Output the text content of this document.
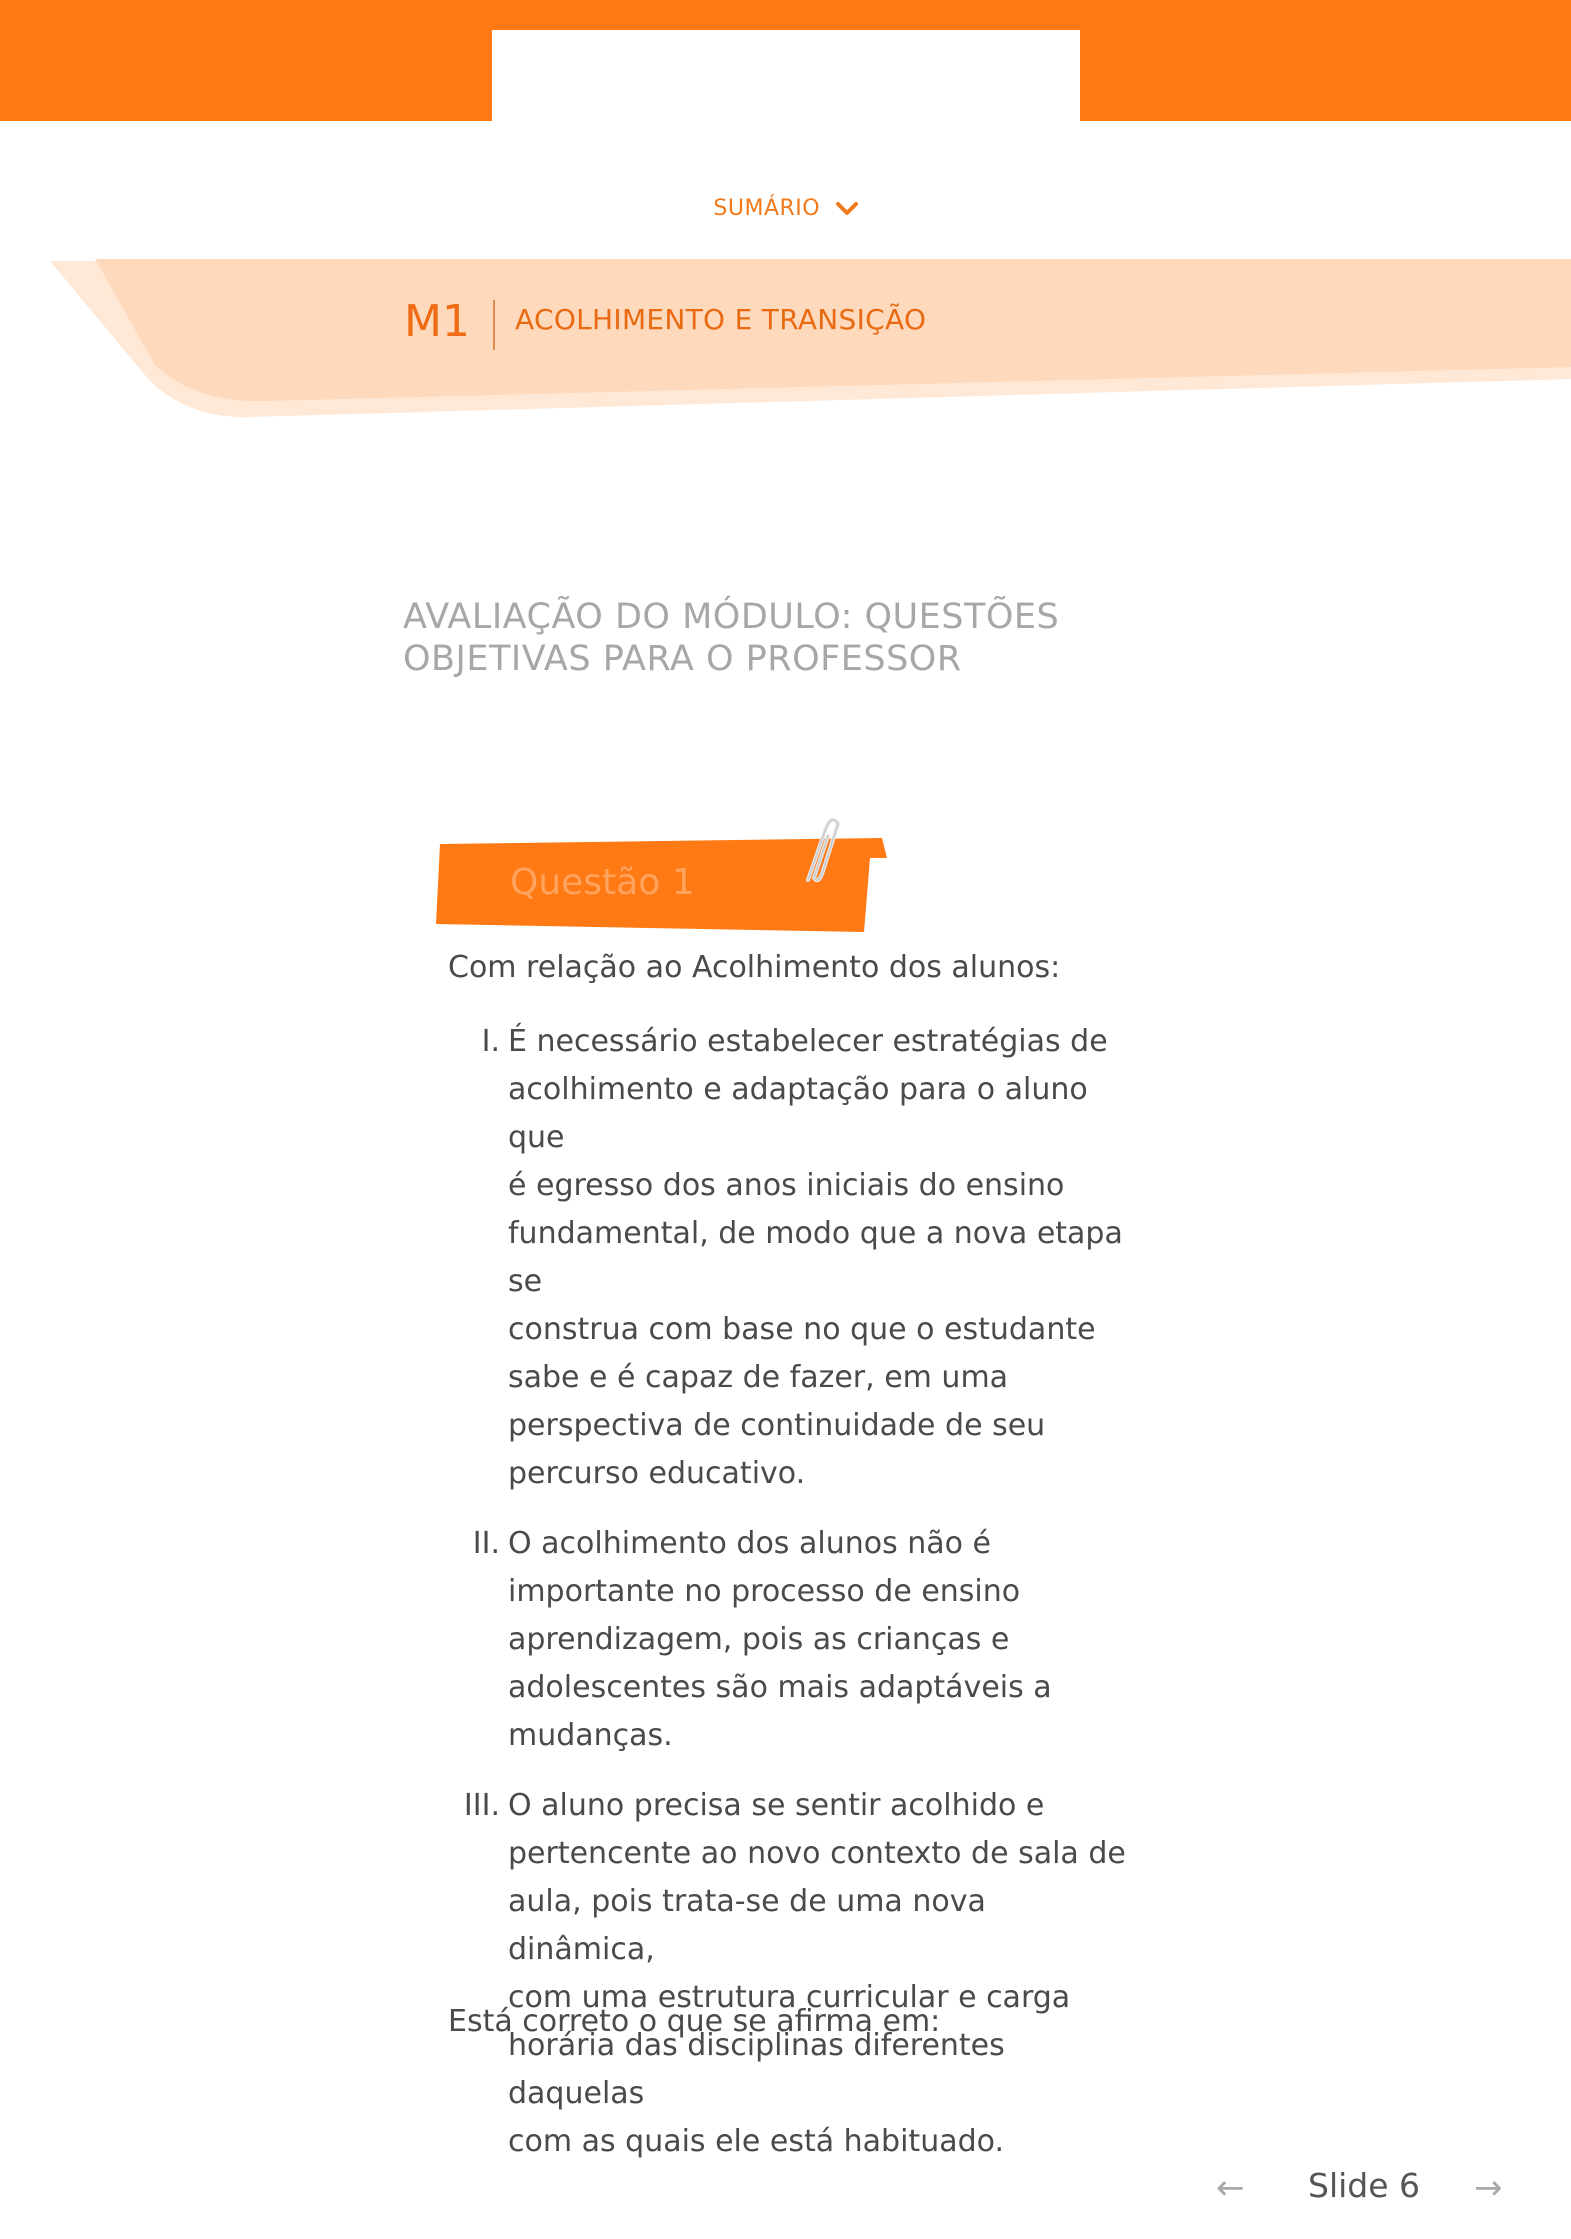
SUMÁRIO
M1 ACOLHIMENTO E TRANSIÇÃO
AVALIAÇÃO DO MÓDULO: QUESTÕES
OBJETIVAS PARA O PROFESSOR
Questão 1
Com relação ao Acolhimento dos alunos:
I. É necessário estabelecer estratégias de
acolhimento e adaptação para o aluno que
é egresso dos anos iniciais do ensino
fundamental, de modo que a nova etapa se
construa com base no que o estudante
sabe e é capaz de fazer, em uma
perspectiva de continuidade de seu
percurso educativo.
II. O acolhimento dos alunos não é
importante no processo de ensino
aprendizagem, pois as crianças e
adolescentes são mais adaptáveis a
mudanças.
III. O aluno precisa se sentir acolhido e
pertencente ao novo contexto de sala de
aula, pois trata-se de uma nova dinâmica,
com uma estrutura curricular e carga
horária das disciplinas diferentes daquelas
com as quais ele está habituado.
Está correto o que se afirma em:
← Slide 6 →
